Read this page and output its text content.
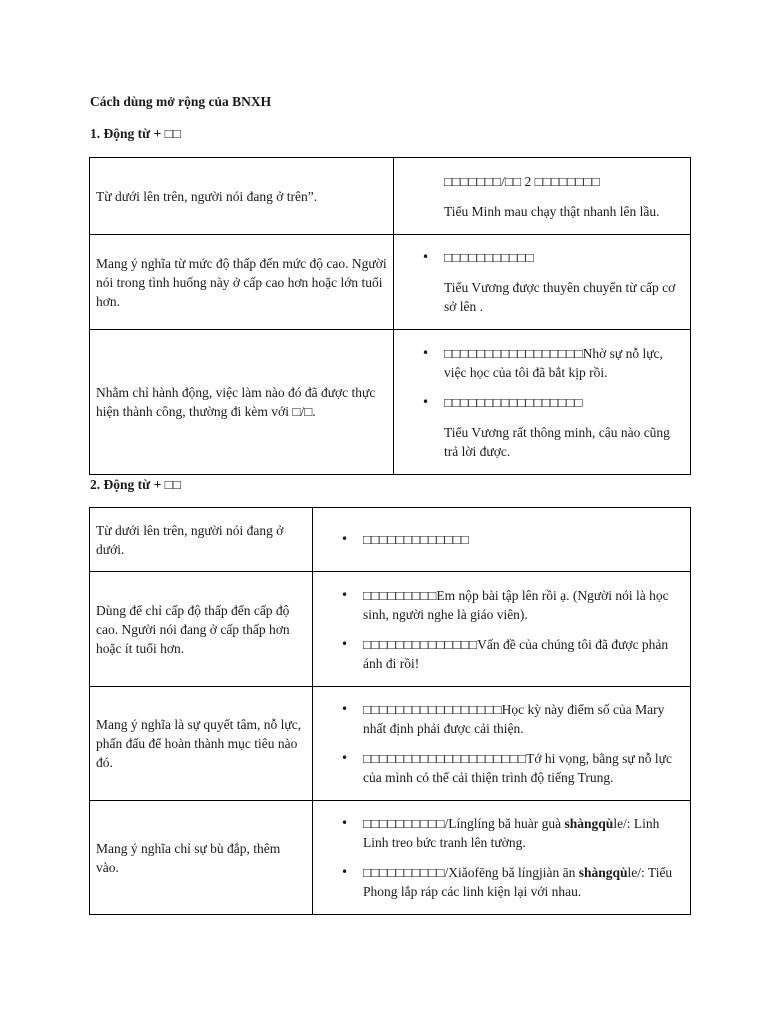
Cách dùng mở rộng của BNXH
1. Động từ + □□
Từ dưới lên trên, người nói đang ở trên”.	□□□□□□□/□□ 2 □□□□□□□□
Tiểu Minh mau chạy thật nhanh lên lầu.

Mang ý nghĩa từ mức độ thấp đến mức độ cao. Người nói trong tình huống này ở cấp cao hơn hoặc lớn tuổi hơn.	• □□□□□□□□□□□
Tiểu Vương được thuyên chuyển từ cấp cơ sở lên .

Nhằm chỉ hành động, việc làm nào đó đã được thực hiện thành công, thường đi kèm với □/□.	• □□□□□□□□□□□□□□□□□Nhờ sự nỗ lực, việc học của tôi đã bắt kịp rồi.
• □□□□□□□□□□□□□□□□□
Tiểu Vương rất thông minh, câu nào cũng trả lời được.
2. Động từ + □□
Từ dưới lên trên, người nói đang ở dưới.	• □□□□□□□□□□□□□

Dùng để chỉ cấp độ thấp đến cấp độ cao. Người nói đang ở cấp thấp hơn hoặc ít tuổi hơn.	• □□□□□□□□□Em nộp bài tập lên rồi ạ. (Người nói là học sinh, người nghe là giáo viên).
• □□□□□□□□□□□□□□Vấn đề của chúng tôi đã được phản ánh đi rồi!

Mang ý nghĩa là sự quyết tâm, nỗ lực, phấn đấu để hoàn thành mục tiêu nào đó.	• □□□□□□□□□□□□□□□□□Học kỳ này điểm số của Mary nhất định phải được cải thiện.
• □□□□□□□□□□□□□□□□□□□□Tớ hi vọng, bằng sự nỗ lực của mình có thể cải thiện trình độ tiếng Trung.

Mang ý nghĩa chỉ sự bù đắp, thêm vào.	• □□□□□□□□□□/Línglíng bǎ huàr guà shàngqùle/: Linh Linh treo bức tranh lên tường.
• □□□□□□□□□□/Xiǎofēng bǎ língjiàn ān shàngqùle/: Tiểu Phong lắp ráp các linh kiện lại với nhau.
